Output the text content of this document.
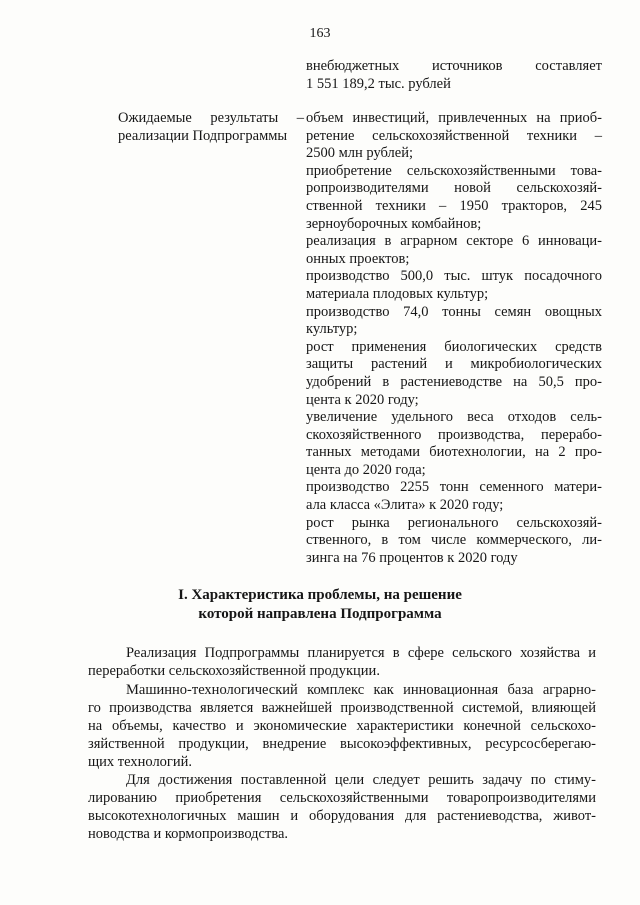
163
внебюджетных источников составляет
1 551 189,2 тыс. рублей
Ожидаемые результаты –
реализации Подпрограммы
объем инвестиций, привлеченных на приоб-
ретение сельскохозяйственной техники –
2500 млн рублей;
приобретение сельскохозяйственными това-
ропроизводителями новой сельскохозяй-
ственной техники – 1950 тракторов, 245
зерноуборочных комбайнов;
реализация в аграрном секторе 6 инноваци-
онных проектов;
производство 500,0 тыс. штук посадочного
материала плодовых культур;
производство 74,0 тонны семян овощных
культур;
рост применения биологических средств
защиты растений и микробиологических
удобрений в растениеводстве на 50,5 про-
цента к 2020 году;
увеличение удельного веса отходов сель-
скохозяйственного производства, перерабо-
танных методами биотехнологии, на 2 про-
цента до 2020 года;
производство 2255 тонн семенного матери-
ала класса «Элита» к 2020 году;
рост рынка регионального сельскохозяй-
ственного, в том числе коммерческого, ли-
зинга на 76 процентов к 2020 году
I. Характеристика проблемы, на решение
которой направлена Подпрограмма
Реализация Подпрограммы планируется в сфере сельского хозяйства и
переработки сельскохозяйственной продукции.
Машинно-технологический комплекс как инновационная база аграрно-
го производства является важнейшей производственной системой, влияющей
на объемы, качество и экономические характеристики конечной сельскохо-
зяйственной продукции, внедрение высокоэффективных, ресурсосберегаю-
щих технологий.
Для достижения поставленной цели следует решить задачу по стиму-
лированию приобретения сельскохозяйственными товаропроизводителями
высокотехнологичных машин и оборудования для растениеводства, живот-
новодства и кормопроизводства.
